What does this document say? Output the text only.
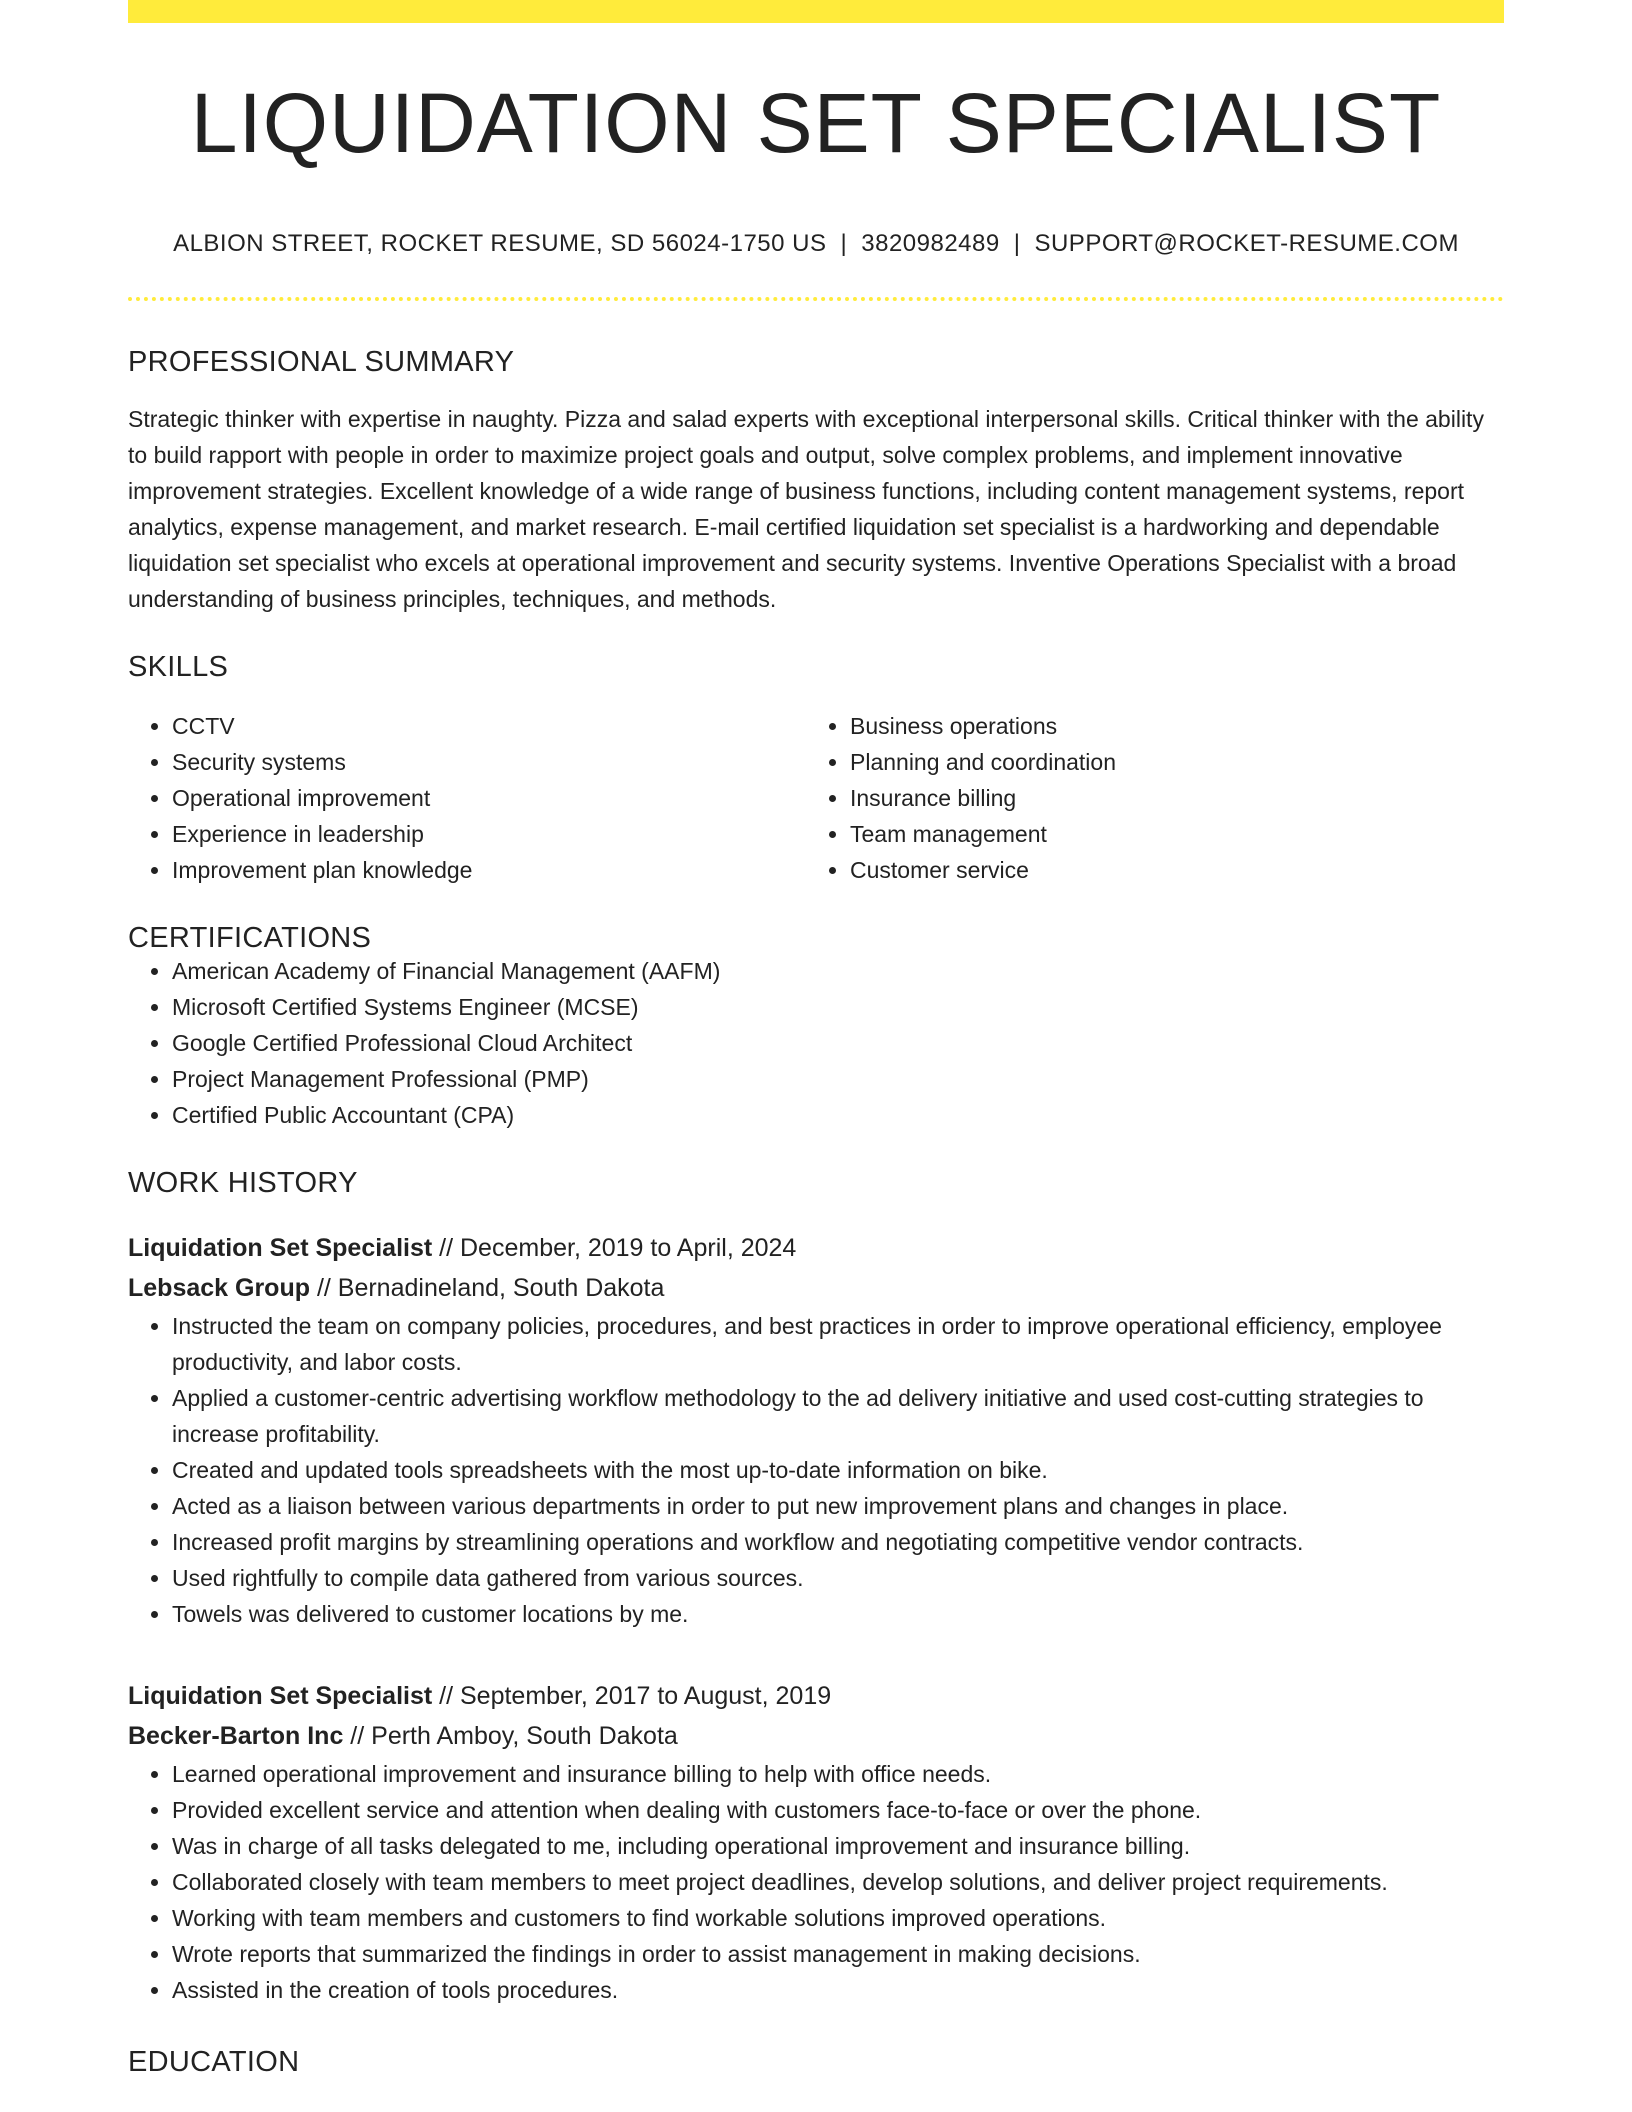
LIQUIDATION SET SPECIALIST
ALBION STREET, ROCKET RESUME, SD 56024-1750 US | 3820982489 | SUPPORT@ROCKET-RESUME.COM
PROFESSIONAL SUMMARY

Strategic thinker with expertise in naughty. Pizza and salad experts with exceptional interpersonal skills. Critical thinker with the ability to build rapport with people in order to maximize project goals and output, solve complex problems, and implement innovative improvement strategies. Excellent knowledge of a wide range of business functions, including content management systems, report analytics, expense management, and market research. E-mail certified liquidation set specialist is a hardworking and dependable liquidation set specialist who excels at operational improvement and security systems. Inventive Operations Specialist with a broad understanding of business principles, techniques, and methods.

SKILLS
• CCTV
• Security systems
• Operational improvement
• Experience in leadership
• Improvement plan knowledge
• Business operations
• Planning and coordination
• Insurance billing
• Team management
• Customer service
CERTIFICATIONS
• American Academy of Financial Management (AAFM)
• Microsoft Certified Systems Engineer (MCSE)
• Google Certified Professional Cloud Architect
• Project Management Professional (PMP)
• Certified Public Accountant (CPA)
WORK HISTORY
Liquidation Set Specialist // December, 2019 to April, 2024
Lebsack Group // Bernadineland, South Dakota
• Instructed the team on company policies, procedures, and best practices in order to improve operational efficiency, employee productivity, and labor costs.
• Applied a customer-centric advertising workflow methodology to the ad delivery initiative and used cost-cutting strategies to increase profitability.
• Created and updated tools spreadsheets with the most up-to-date information on bike.
• Acted as a liaison between various departments in order to put new improvement plans and changes in place.
• Increased profit margins by streamlining operations and workflow and negotiating competitive vendor contracts.
• Used rightfully to compile data gathered from various sources.
• Towels was delivered to customer locations by me.
Liquidation Set Specialist // September, 2017 to August, 2019
Becker-Barton Inc // Perth Amboy, South Dakota
• Learned operational improvement and insurance billing to help with office needs.
• Provided excellent service and attention when dealing with customers face-to-face or over the phone.
• Was in charge of all tasks delegated to me, including operational improvement and insurance billing.
• Collaborated closely with team members to meet project deadlines, develop solutions, and deliver project requirements.
• Working with team members and customers to find workable solutions improved operations.
• Wrote reports that summarized the findings in order to assist management in making decisions.
• Assisted in the creation of tools procedures.
EDUCATION
